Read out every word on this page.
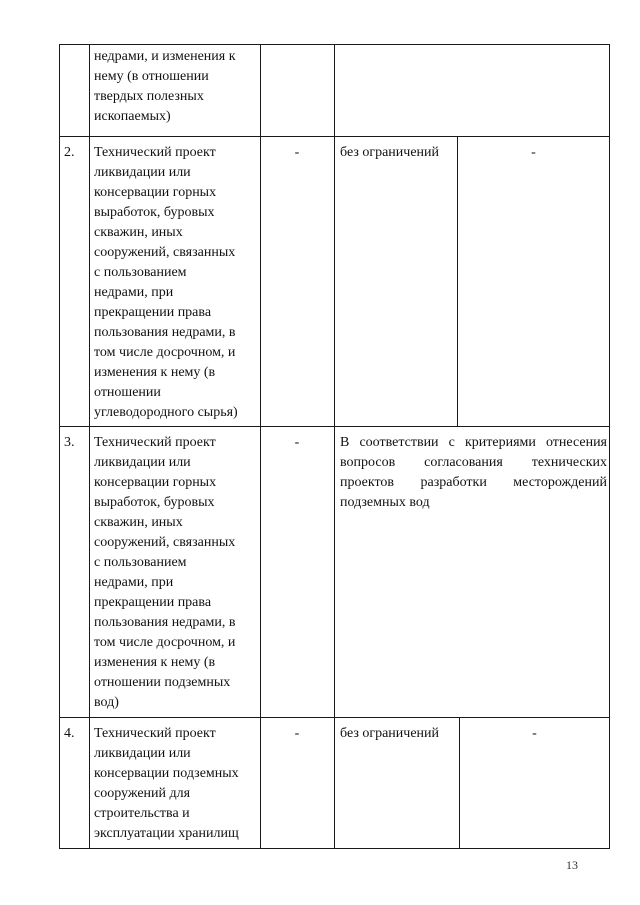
недрами, и изменения к
нему (в отношении
твердых полезных
ископаемых)
2. Технический проект
ликвидации или
консервации горных
выработок, буровых
скважин, иных
сооружений, связанных
с пользованием
недрами, при
прекращении права
пользования недрами, в
том числе досрочном, и
изменения к нему (в
отношении
углеводородного сырья)
-	без ограничений	-
3. Технический проект
ликвидации или
консервации горных
выработок, буровых
скважин, иных
сооружений, связанных
с пользованием
недрами, при
прекращении права
пользования недрами, в
том числе досрочном, и
изменения к нему (в
отношении подземных
вод)
-	В соответствии с критериями отнесения вопросов согласования технических проектов разработки месторождений подземных вод
4. Технический проект
ликвидации или
консервации подземных
сооружений для
строительства и
эксплуатации хранилищ
-	без ограничений	-
13
